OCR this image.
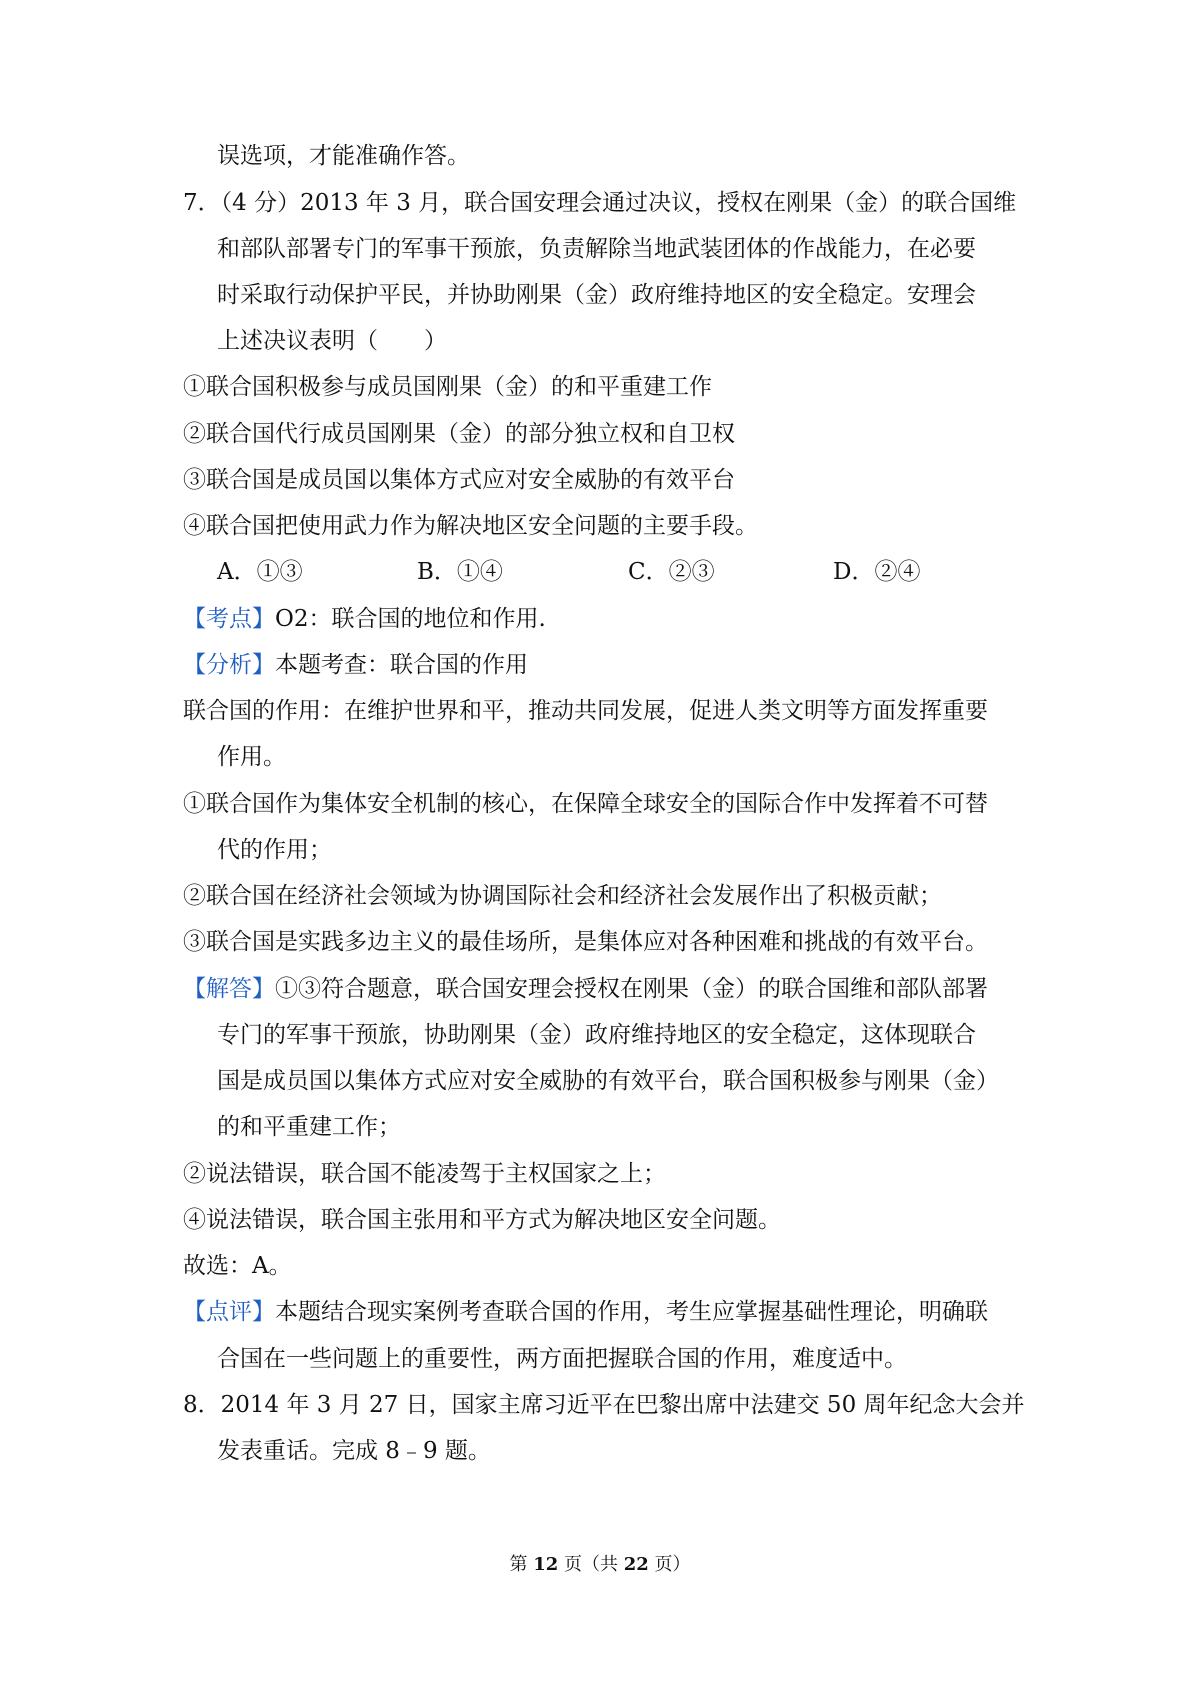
误选项，才能准确作答。
7．（4 分）2013 年 3 月，联合国安理会通过决议，授权在刚果（金）的联合国维
和部队部署专门的军事干预旅，负责解除当地武装团体的作战能力，在必要
时采取行动保护平民，并协助刚果（金）政府维持地区的安全稳定。安理会
上述决议表明（　　）
①联合国积极参与成员国刚果（金）的和平重建工作
②联合国代行成员国刚果（金）的部分独立权和自卫权
③联合国是成员国以集体方式应对安全威胁的有效平台
④联合国把使用武力作为解决地区安全问题的主要手段。
A．①③	B．①④	C．②③	D．②④
【考点】O2：联合国的地位和作用.
【分析】本题考查：联合国的作用
联合国的作用：在维护世界和平，推动共同发展，促进人类文明等方面发挥重要
作用。
①联合国作为集体安全机制的核心，在保障全球安全的国际合作中发挥着不可替
代的作用；
②联合国在经济社会领域为协调国际社会和经济社会发展作出了积极贡献；
③联合国是实践多边主义的最佳场所，是集体应对各种困难和挑战的有效平台。
【解答】①③符合题意，联合国安理会授权在刚果（金）的联合国维和部队部署
专门的军事干预旅，协助刚果（金）政府维持地区的安全稳定，这体现联合
国是成员国以集体方式应对安全威胁的有效平台，联合国积极参与刚果（金）
的和平重建工作；
②说法错误，联合国不能凌驾于主权国家之上；
④说法错误，联合国主张用和平方式为解决地区安全问题。
故选：A。
【点评】本题结合现实案例考查联合国的作用，考生应掌握基础性理论，明确联
合国在一些问题上的重要性，两方面把握联合国的作用，难度适中。
8．2014 年 3 月 27 日，国家主席习近平在巴黎出席中法建交 50 周年纪念大会并
发表重话。完成 8﹣9 题。
第 12 页（共 22 页）
